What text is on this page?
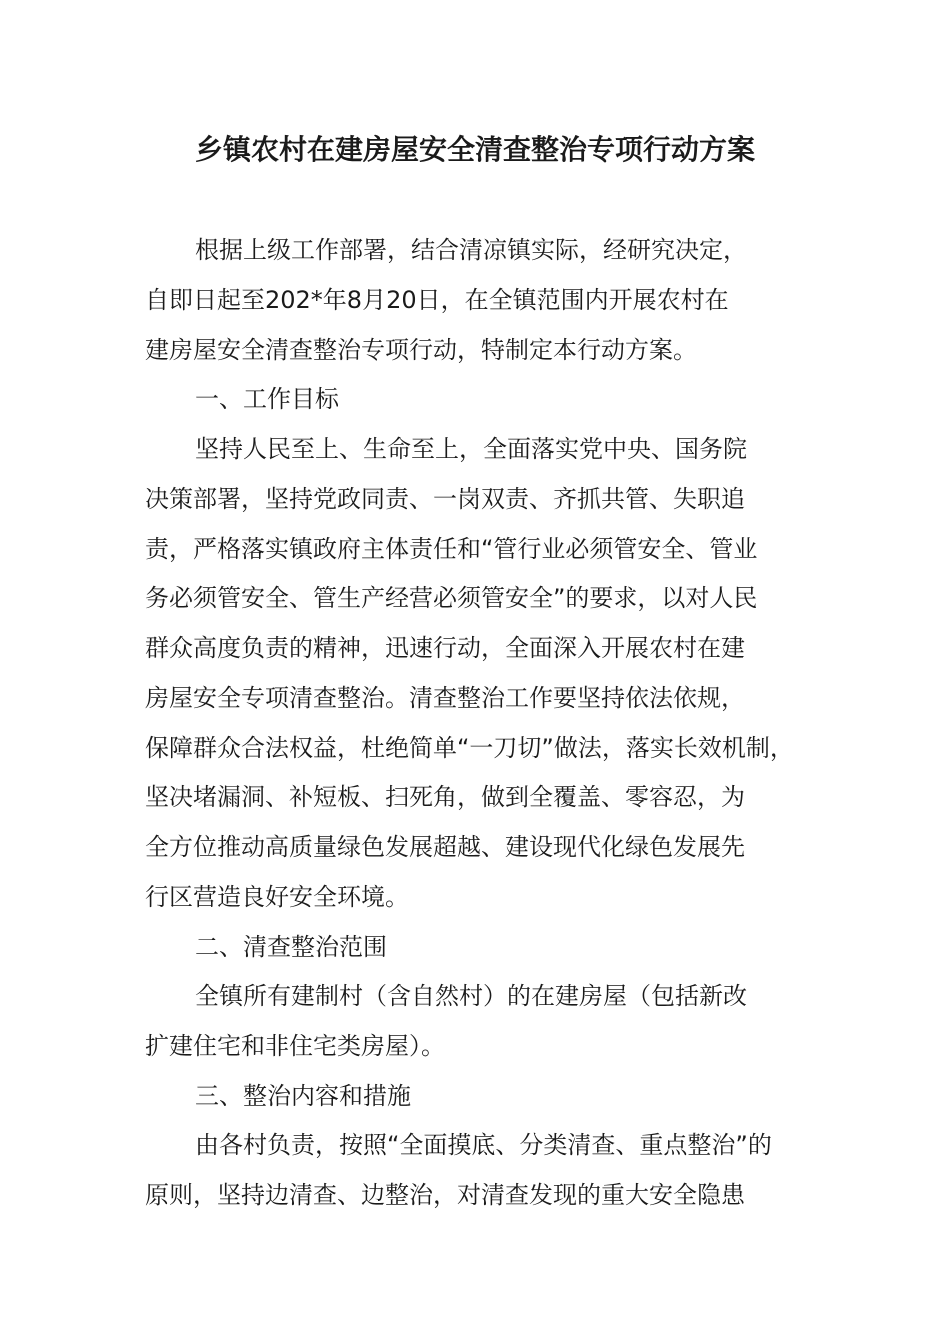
乡镇农村在建房屋安全清查整治专项行动方案

根据上级工作部署，结合清凉镇实际，经研究决定，

自即日起至202*年8月20日，在全镇范围内开展农村在

建房屋安全清查整治专项行动，特制定本行动方案。

一、工作目标

坚持人民至上、生命至上，全面落实党中央、国务院

决策部署，坚持党政同责、一岗双责、齐抓共管、失职追

责，严格落实镇政府主体责任和“管行业必须管安全、管业

务必须管安全、管生产经营必须管安全”的要求，以对人民

群众高度负责的精神，迅速行动，全面深入开展农村在建

房屋安全专项清查整治。清查整治工作要坚持依法依规，

保障群众合法权益，杜绝简单“一刀切”做法，落实长效机制，

坚决堵漏洞、补短板、扫死角，做到全覆盖、零容忍，为

全方位推动高质量绿色发展超越、建设现代化绿色发展先

行区营造良好安全环境。

二、清查整治范围

全镇所有建制村（含自然村）的在建房屋（包括新改

扩建住宅和非住宅类房屋）。

三、整治内容和措施

由各村负责，按照“全面摸底、分类清查、重点整治”的

原则，坚持边清查、边整治，对清查发现的重大安全隐患
